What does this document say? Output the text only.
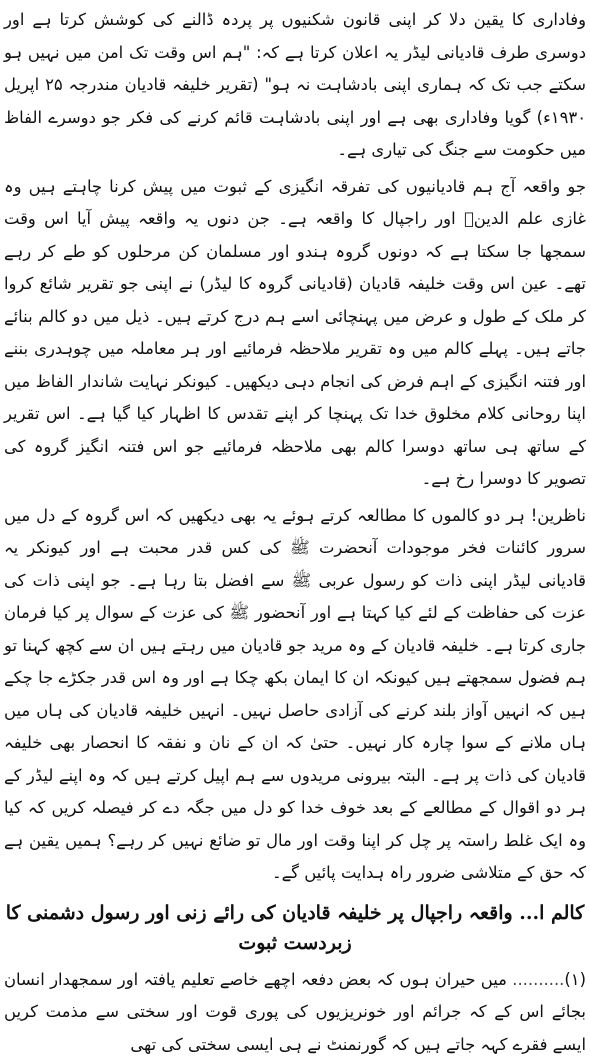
وفاداری کا یقین دلا کر اپنی قانون شکنیوں پر پردہ ڈالنے کی کوشش کرتا ہے اور دوسری طرف قادیانی لیڈر یہ اعلان کرتا ہے کہ: "ہم اس وقت تک امن میں نہیں ہو سکتے جب تک کہ ہماری اپنی بادشاہت نہ ہو" (تقریر خلیفہ قادیان مندرجہ ۲۵ اپریل ۱۹۳۰ء) گویا وفاداری بھی ہے اور اپنی بادشاہت قائم کرنے کی فکر جو دوسرے الفاظ میں حکومت سے جنگ کی تیاری ہے۔

جو واقعہ آج ہم قادیانیوں کی تفرقہ انگیزی کے ثبوت میں پیش کرنا چاہتے ہیں وہ غازی علم الدینؒ اور راجپال کا واقعہ ہے۔ جن دنوں یہ واقعہ پیش آیا اس وقت سمجھا جا سکتا ہے کہ دونوں گروہ ہندو اور مسلمان کن مرحلوں کو طے کر رہے تھے۔ عین اس وقت خلیفہ قادیان (قادیانی گروہ کا لیڈر) نے اپنی جو تقریر شائع کروا کر ملک کے طول و عرض میں پہنچائی اسے ہم درج کرتے ہیں۔ ذیل میں دو کالم بنائے جاتے ہیں۔ پہلے کالم میں وہ تقریر ملاحظہ فرمائیے اور ہر معاملہ میں چوہدری بننے اور فتنہ انگیزی کے اہم فرض کی انجام دہی دیکھیں۔ کیونکر نہایت شاندار الفاظ میں اپنا روحانی کلام مخلوق خدا تک پہنچا کر اپنے تقدس کا اظہار کیا گیا ہے۔ اس تقریر کے ساتھ ہی ساتھ دوسرا کالم بھی ملاحظہ فرمائیے جو اس فتنہ انگیز گروہ کی تصویر کا دوسرا رخ ہے۔

ناظرین! ہر دو کالموں کا مطالعہ کرتے ہوئے یہ بھی دیکھیں کہ اس گروہ کے دل میں سرور کائنات فخر موجودات آنحضرت ﷺ کی کس قدر محبت ہے اور کیونکر یہ قادیانی لیڈر اپنی ذات کو رسول عربی ﷺ سے افضل بتا رہا ہے۔ جو اپنی ذات کی عزت کی حفاظت کے لئے کیا کہتا ہے اور آنحضور ﷺ کی عزت کے سوال پر کیا فرمان جاری کرتا ہے۔ خلیفہ قادیان کے وہ مرید جو قادیان میں رہتے ہیں ان سے کچھ کہنا تو ہم فضول سمجھتے ہیں کیونکہ ان کا ایمان بکھ چکا ہے اور وہ اس قدر جکڑے جا چکے ہیں کہ انہیں آواز بلند کرنے کی آزادی حاصل نہیں۔ انہیں خلیفہ قادیان کی ہاں میں ہاں ملانے کے سوا چارہ کار نہیں۔ حتیٰ کہ ان کے نان و نفقہ کا انحصار بھی خلیفہ قادیان کی ذات پر ہے۔ البتہ بیرونی مریدوں سے ہم اپیل کرتے ہیں کہ وہ اپنے لیڈر کے ہر دو اقوال کے مطالعے کے بعد خوف خدا کو دل میں جگہ دے کر فیصلہ کریں کہ کیا وہ ایک غلط راستہ پر چل کر اپنا وقت اور مال تو ضائع نہیں کر رہے؟ ہمیں یقین ہے کہ حق کے متلاشی ضرور راہ ہدایت پائیں گے۔

کالم ا... واقعہ راجپال پر خلیفہ قادیان کی رائے زنی اور رسول دشمنی کا زبردست ثبوت

(۱).......... میں حیران ہوں کہ بعض دفعہ اچھے خاصے تعلیم یافتہ اور سمجھدار انسان بجائے اس کے کہ جرائم اور خونریزیوں کی پوری قوت اور سختی سے مذمت کریں ایسے فقرے کہہ جاتے ہیں کہ گورنمنٹ نے ہی ایسی سختی کی تھی
